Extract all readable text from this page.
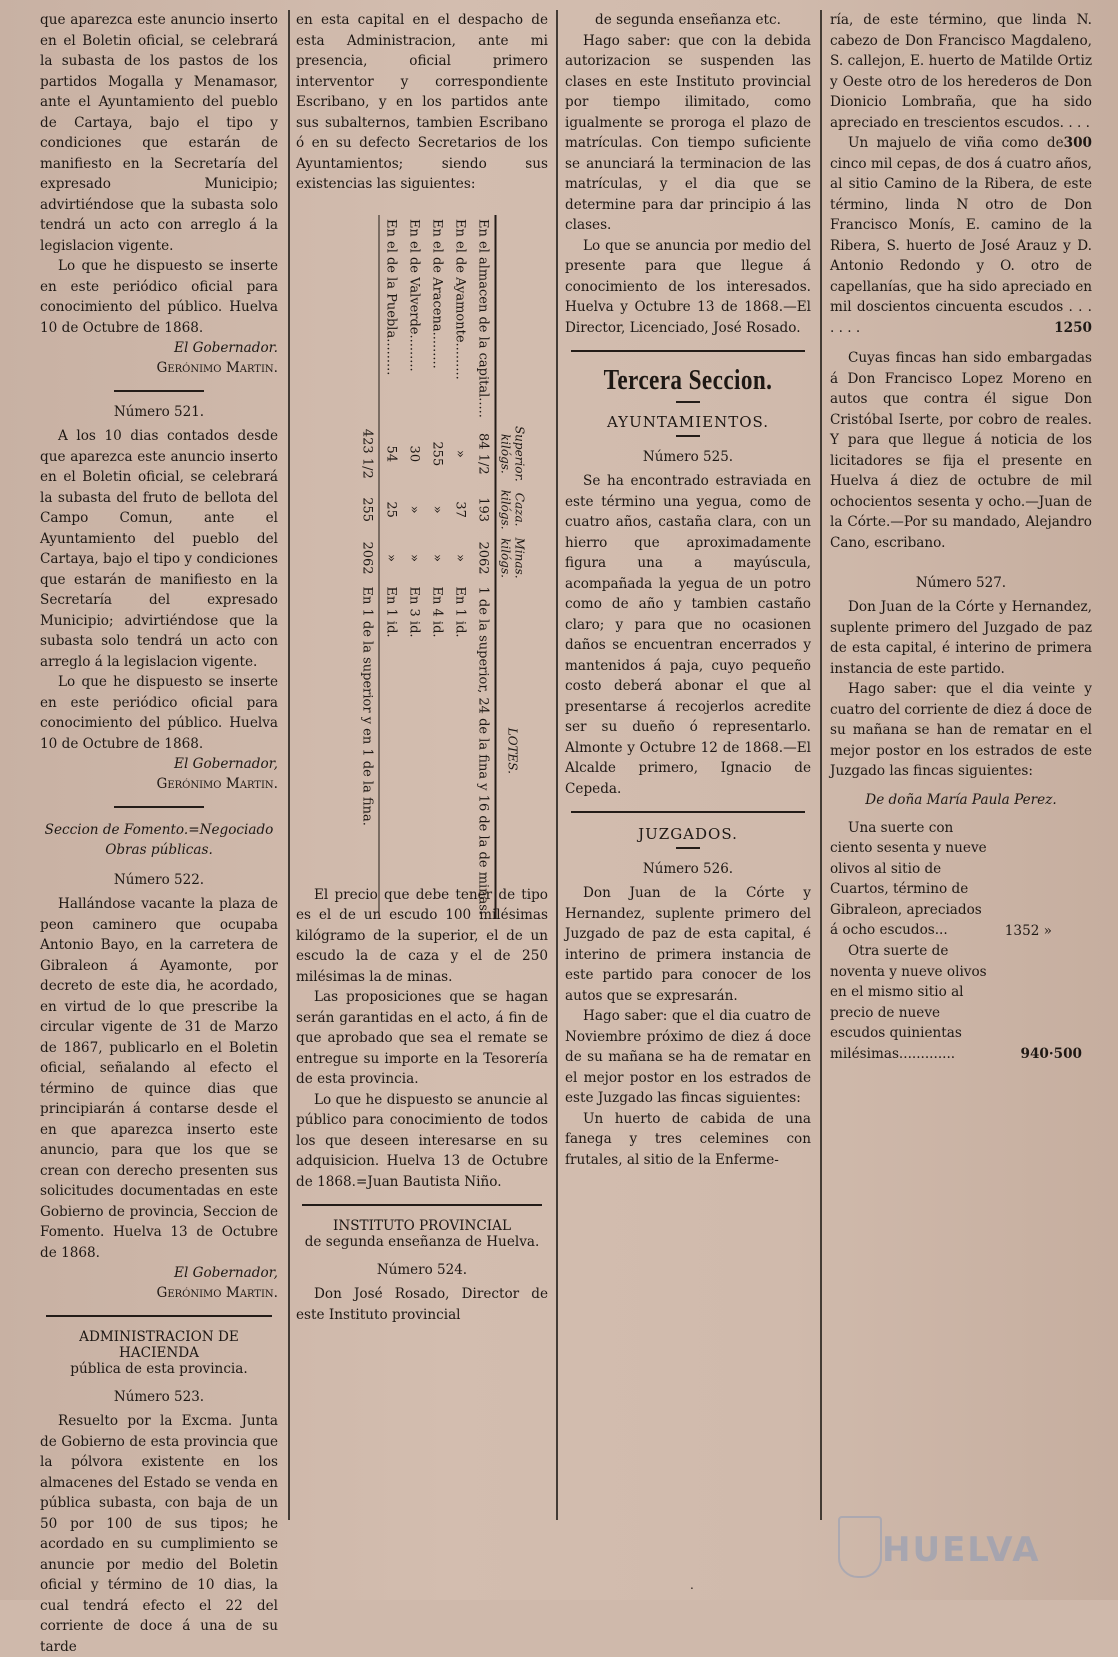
que aparezca este anuncio inserto en el Boletin oficial, se celebrará la subasta de los pastos de los partidos Mogalla y Menamasor, ante el Ayuntamiento del pueblo de Cartaya, bajo el tipo y condiciones que estarán de manifiesto en la Secretaría del expresado Municipio; advirtiéndose que la subasta solo tendrá un acto con arreglo á la legislacion vigente.

Lo que he dispuesto se inserte en este periódico oficial para conocimiento del público. Huelva 10 de Octubre de 1868.

El Gobernador.

Gerónimo Martin.

Número 521.

A los 10 dias contados desde que aparezca este anuncio inserto en el Boletin oficial, se celebrará la subasta del fruto de bellota del Campo Comun, ante el Ayuntamiento del pueblo del Cartaya, bajo el tipo y condiciones que estarán de manifiesto en la Secretaría del expresado Municipio; advirtiéndose que la subasta solo tendrá un acto con arreglo á la legislacion vigente.

Lo que he dispuesto se inserte en este periódico oficial para conocimiento del público. Huelva 10 de Octubre de 1868.

El Gobernador,

Gerónimo Martin.

Seccion de Fomento.=Negociado Obras públicas.
Número 522.

Hallándose vacante la plaza de peon caminero que ocupaba Antonio Bayo, en la carretera de Gibraleon á Ayamonte, por decreto de este dia, he acordado, en virtud de lo que prescribe la circular vigente de 31 de Marzo de 1867, publicarlo en el Boletin oficial, señalando al efecto el término de quince dias que principiarán á contarse desde el en que aparezca inserto este anuncio, para que los que se crean con derecho presenten sus solicitudes documentadas en este Gobierno de provincia, Seccion de Fomento. Huelva 13 de Octubre de 1868.

El Gobernador,

Gerónimo Martin.

ADMINISTRACION DE HACIENDA
pública de esta provincia.
Número 523.

Resuelto por la Excma. Junta de Gobierno de esta provincia que la pólvora existente en los almacenes del Estado se venda en pública subasta, con baja de un 50 por 100 de sus tipos; he acordado en su cumplimiento se anuncie por medio del Boletin oficial y término de 10 dias, la cual tendrá efecto el 22 del corriente de doce á una de su tarde

en esta capital en el despacho de esta Administracion, ante mi presencia, oficial primero interventor y correspondiente Escribano, y en los partidos ante sus subalternos, tambien Escribano ó en su defecto Secretarios de los Ayuntamientos; siendo sus existencias las siguientes:

	Superior. kilógs.	Caza. kilógs.	Minas. kilógs.	LOTES.
En el almacen de la capital.....	84 1/2	193	2062	1 de la superior, 24 de la fina y 16 de la de minas.
En el de Ayamonte.........	»	37	»	En 1 id.
En el de Aracena.........	255	»	»	En 4 id.
En el de Valverde.........	30	»	»	En 3 id.
En el de la Puebla.........	54	25	»	En 1 id.
	423 1/2	255	2062	En 1 de la superior y en 1 de la fina.

El precio que debe tener de tipo es el de un escudo 100 milésimas kilógramo de la superior, el de un escudo la de caza y el de 250 milésimas la de minas.

Las proposiciones que se hagan serán garantidas en el acto, á fin de que aprobado que sea el remate se entregue su importe en la Tesorería de esta provincia.

Lo que he dispuesto se anuncie al público para conocimiento de todos los que deseen interesarse en su adquisicion. Huelva 13 de Octubre de 1868.=Juan Bautista Niño.

INSTITUTO PROVINCIAL
de segunda enseñanza de Huelva.
Número 524.

Don José Rosado, Director de este Instituto provincial

de segunda enseñanza etc.

Hago saber: que con la debida autorizacion se suspenden las clases en este Instituto provincial por tiempo ilimitado, como igualmente se proroga el plazo de matrículas. Con tiempo suficiente se anunciará la terminacion de las matrículas, y el dia que se determine para dar principio á las clases.

Lo que se anuncia por medio del presente para que llegue á conocimiento de los interesados. Huelva y Octubre 13 de 1868.—El Director, Licenciado, José Rosado.

Tercera Seccion.
AYUNTAMIENTOS.
Número 525.

Se ha encontrado estraviada en este término una yegua, como de cuatro años, castaña clara, con un hierro que aproximadamente figura una a mayúscula, acompañada la yegua de un potro como de año y tambien castaño claro; y para que no ocasionen daños se encuentran encerrados y mantenidos á paja, cuyo pequeño costo deberá abonar el que al presentarse á recojerlos acredite ser su dueño ó representarlo. Almonte y Octubre 12 de 1868.—El Alcalde primero, Ignacio de Cepeda.

JUZGADOS.
Número 526.

Don Juan de la Córte y Hernandez, suplente primero del Juzgado de paz de esta capital, é interino de primera instancia de este partido para conocer de los autos que se expresarán.

Hago saber: que el dia cuatro de Noviembre próximo de diez á doce de su mañana se ha de rematar en el mejor postor en los estrados de este Juzgado las fincas siguientes:

Un huerto de cabida de una fanega y tres celemines con frutales, al sitio de la Enferme-

ría, de este término, que linda N. cabezo de Don Francisco Magdaleno, S. callejon, E. huerto de Matilde Ortiz y Oeste otro de los herederos de Don Dionicio Lombraña, que ha sido apreciado en trescientos escudos. . . .
300

Un majuelo de viña como de cinco mil cepas, de dos á cuatro años, al sitio Camino de la Ribera, de este término, linda N otro de Don Francisco Monís, E. camino de la Ribera, S. huerto de José Arauz y D. Antonio Redondo y O. otro de capellanías, que ha sido apreciado en mil doscientos cincuenta escudos . . . . . . .	1250

Cuyas fincas han sido embargadas á Don Francisco Lopez Moreno en autos que contra él sigue Don Cristóbal Iserte, por cobro de reales. Y para que llegue á noticia de los licitadores se fija el presente en Huelva á diez de octubre de mil ochocientos sesenta y ocho.—Juan de la Córte.—Por su mandado, Alejandro Cano, escribano.

Número 527.

Don Juan de la Córte y Hernandez, suplente primero del Juzgado de paz de esta capital, é interino de primera instancia de este partido.

Hago saber: que el dia veinte y cuatro del corriente de diez á doce de su mañana se han de rematar en el mejor postor en los estrados de este Juzgado las fincas siguientes:

De doña María Paula Perez.

Una suerte con ciento sesenta y nueve olivos al sitio de Cuartos, término de Gibraleon, apreciados á ocho escudos...	1352 »

Otra suerte de noventa y nueve olivos en el mismo sitio al precio de nueve escudos quinientas milésimas.............	940·500

HUELVA
.
